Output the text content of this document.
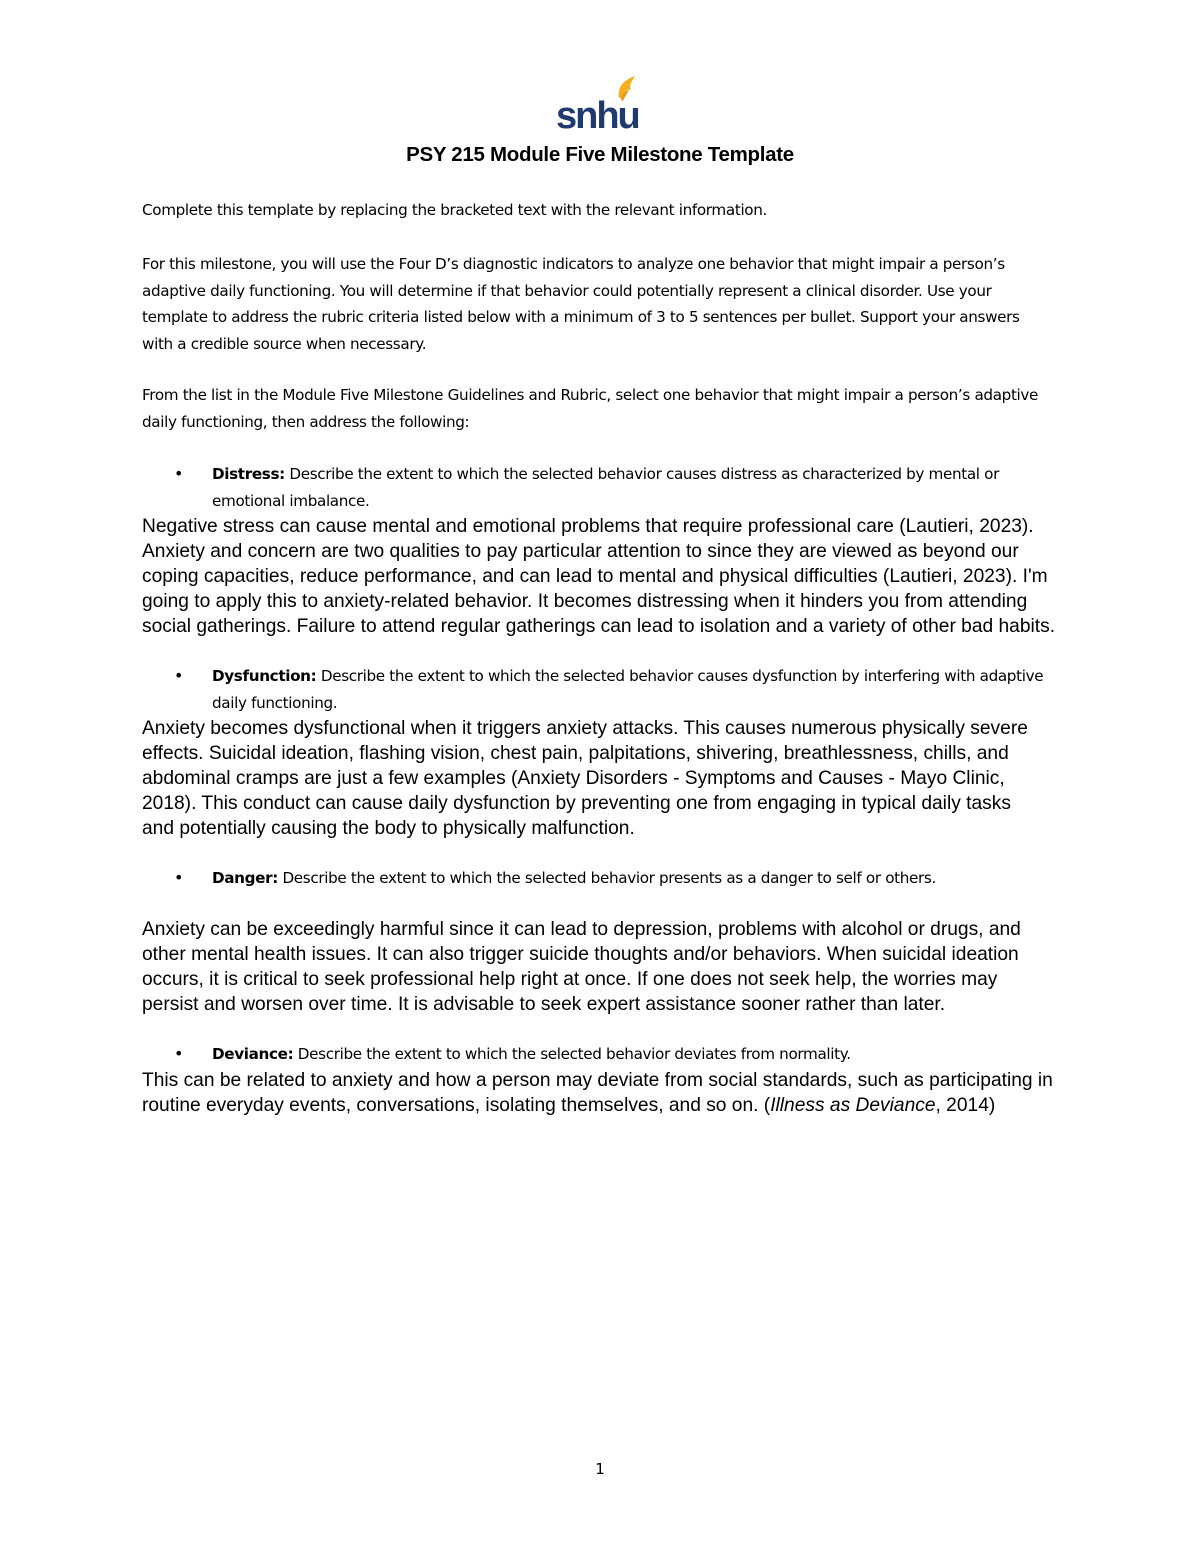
snhu
PSY 215 Module Five Milestone Template

Complete this template by replacing the bracketed text with the relevant information.

For this milestone, you will use the Four D’s diagnostic indicators to analyze one behavior that might impair a person’s adaptive daily functioning. You will determine if that behavior could potentially represent a clinical disorder. Use your template to address the rubric criteria listed below with a minimum of 3 to 5 sentences per bullet. Support your answers with a credible source when necessary.

From the list in the Module Five Milestone Guidelines and Rubric, select one behavior that might impair a person’s adaptive daily functioning, then address the following:

• Distress: Describe the extent to which the selected behavior causes distress as characterized by mental or emotional imbalance.

Negative stress can cause mental and emotional problems that require professional care (Lautieri, 2023). Anxiety and concern are two qualities to pay particular attention to since they are viewed as beyond our coping capacities, reduce performance, and can lead to mental and physical difficulties (Lautieri, 2023). I'm going to apply this to anxiety-related behavior. It becomes distressing when it hinders you from attending social gatherings. Failure to attend regular gatherings can lead to isolation and a variety of other bad habits.

• Dysfunction: Describe the extent to which the selected behavior causes dysfunction by interfering with adaptive daily functioning.

Anxiety becomes dysfunctional when it triggers anxiety attacks. This causes numerous physically severe effects. Suicidal ideation, flashing vision, chest pain, palpitations, shivering, breathlessness, chills, and abdominal cramps are just a few examples (Anxiety Disorders - Symptoms and Causes - Mayo Clinic, 2018). This conduct can cause daily dysfunction by preventing one from engaging in typical daily tasks and potentially causing the body to physically malfunction.

• Danger: Describe the extent to which the selected behavior presents as a danger to self or others.

Anxiety can be exceedingly harmful since it can lead to depression, problems with alcohol or drugs, and other mental health issues. It can also trigger suicide thoughts and/or behaviors. When suicidal ideation occurs, it is critical to seek professional help right at once. If one does not seek help, the worries may persist and worsen over time. It is advisable to seek expert assistance sooner rather than later.

• Deviance: Describe the extent to which the selected behavior deviates from normality.

This can be related to anxiety and how a person may deviate from social standards, such as participating in routine everyday events, conversations, isolating themselves, and so on. (Illness as Deviance, 2014)

1
